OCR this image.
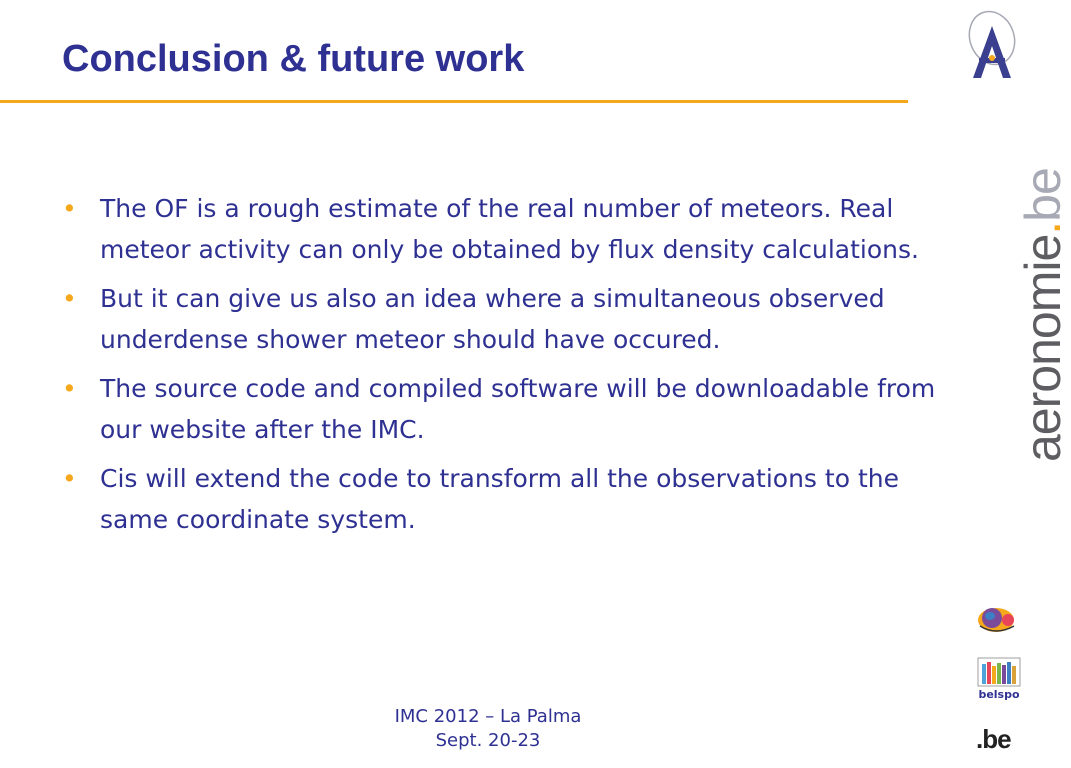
Conclusion & future work
• The OF is a rough estimate of the real number of meteors. Real meteor activity can only be obtained by flux density calculations.
• But it can give us also an idea where a simultaneous observed underdense shower meteor should have occured.
• The source code and compiled software will be downloadable from our website after the IMC.
• Cis will extend the code to transform all the observations to the same coordinate system.
IMC 2012 – La Palma
Sept. 20-23
aeronomie.be
belspo
.be
